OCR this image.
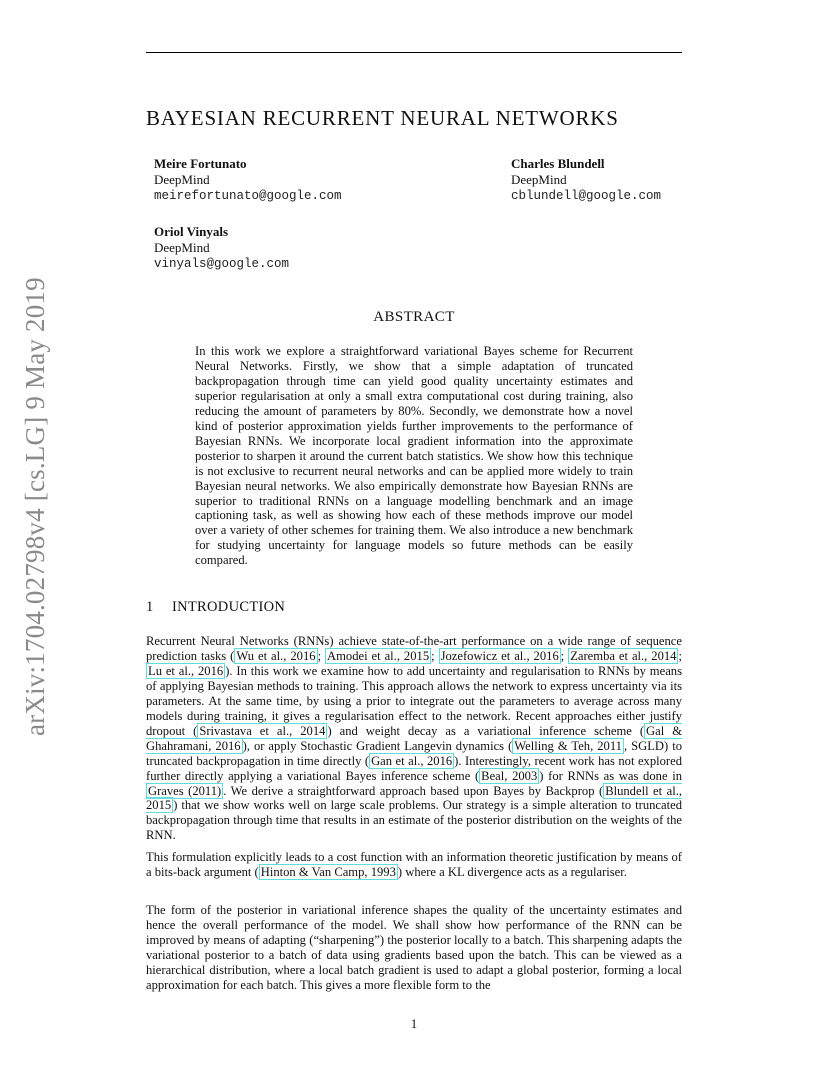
BAYESIAN RECURRENT NEURAL NETWORKS
Meire Fortunato
DeepMind
meirefortunato@google.com
Charles Blundell
DeepMind
cblundell@google.com
Oriol Vinyals
DeepMind
vinyals@google.com
arXiv:1704.02798v4 [cs.LG] 9 May 2019	ABSTRACT
In this work we explore a straightforward variational Bayes scheme for Recurrent Neural Networks. Firstly, we show that a simple adaptation of truncated backpropagation through time can yield good quality uncertainty estimates and superior regularisation at only a small extra computational cost during training, also reducing the amount of parameters by 80%. Secondly, we demonstrate how a novel kind of posterior approximation yields further improvements to the performance of Bayesian RNNs. We incorporate local gradient information into the approximate posterior to sharpen it around the current batch statistics. We show how this technique is not exclusive to recurrent neural networks and can be applied more widely to train Bayesian neural networks. We also empirically demonstrate how Bayesian RNNs are superior to traditional RNNs on a language modelling benchmark and an image captioning task, as well as showing how each of these methods improve our model over a variety of other schemes for training them. We also introduce a new benchmark for studying uncertainty for language models so future methods can be easily compared.
1 INTRODUCTION
Recurrent Neural Networks (RNNs) achieve state-of-the-art performance on a wide range of sequence prediction tasks ( Wu et al., 2016 ; Amodei et al., 2015 ; Jozefowicz et al., 2016 ; Zaremba et al., 2014 ; Lu et al., 2016 ). In this work we examine how to add uncertainty and regularisation to RNNs by means of applying Bayesian methods to training. This approach allows the network to express uncertainty via its parameters. At the same time, by using a prior to integrate out the parameters to average across many models during training, it gives a regularisation effect to the network. Recent approaches either justify dropout ( Srivastava et al., 2014 ) and weight decay as a variational inference scheme ( Gal & Ghahramani, 2016 ), or apply Stochastic Gradient Langevin dynamics ( Welling & Teh, 2011 , SGLD) to truncated backpropagation in time directly ( Gan et al., 2016 ). Interestingly, recent work has not explored further directly applying a variational Bayes inference scheme ( Beal, 2003 ) for RNNs as was done in Graves (2011) . We derive a straightforward approach based upon Bayes by Backprop ( Blundell et al., 2015 ) that we show works well on large scale problems. Our strategy is a simple alteration to truncated backpropagation through time that results in an estimate of the posterior distribution on the weights of the RNN.
This formulation explicitly leads to a cost function with an information theoretic justification by means of a bits-back argument ( Hinton & Van Camp, 1993 ) where a KL divergence acts as a regulariser.
The form of the posterior in variational inference shapes the quality of the uncertainty estimates and hence the overall performance of the model. We shall show how performance of the RNN can be improved by means of adapting (“sharpening”) the posterior locally to a batch. This sharpening adapts the variational posterior to a batch of data using gradients based upon the batch. This can be viewed as a hierarchical distribution, where a local batch gradient is used to adapt a global posterior, forming a local approximation for each batch. This gives a more flexible form to the
1
